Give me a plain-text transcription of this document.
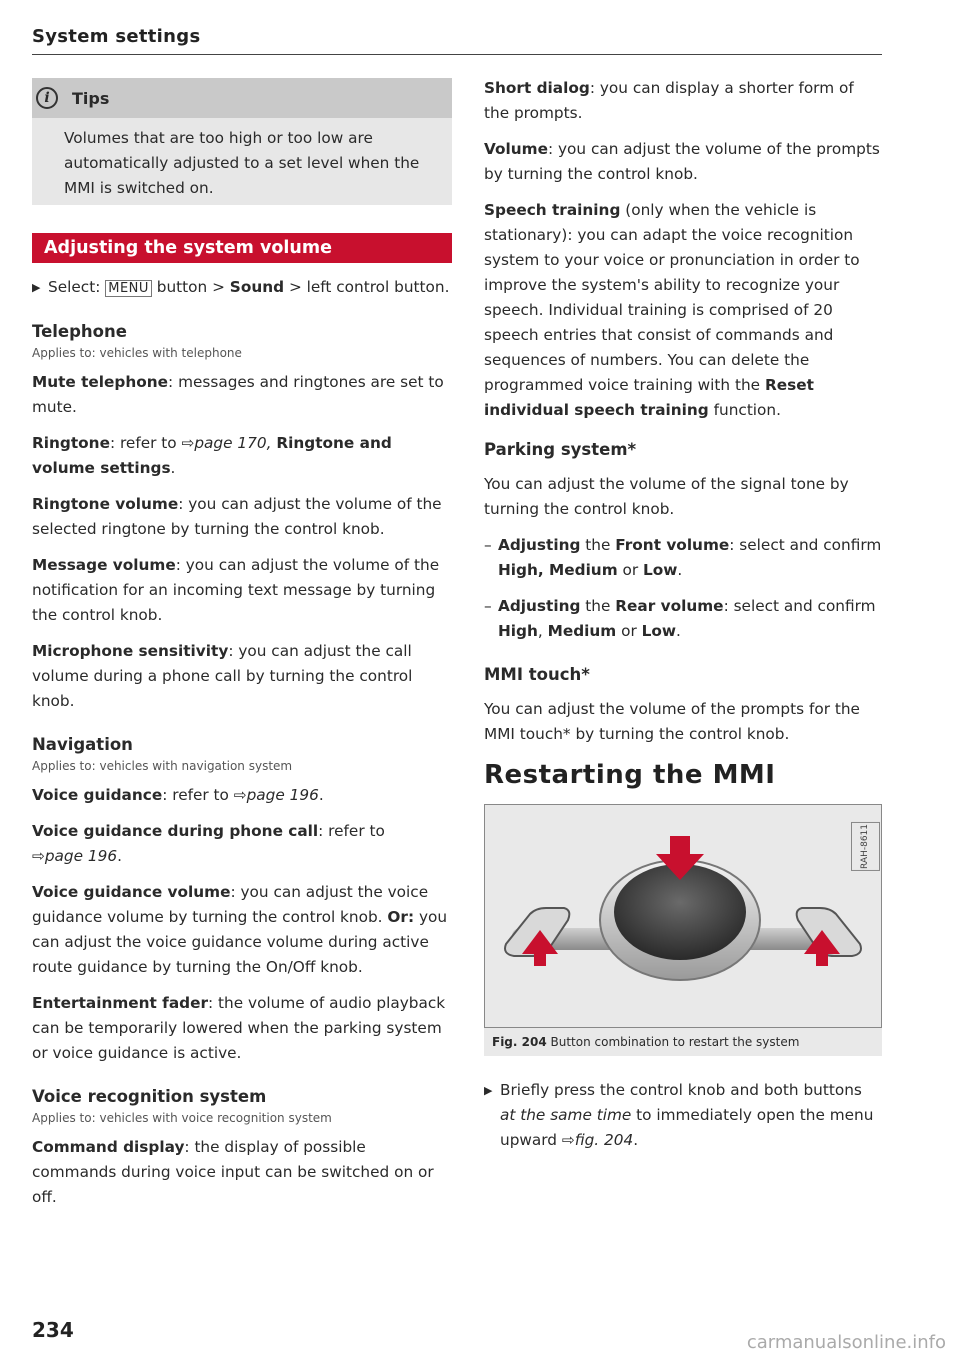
System settings
i	Tips
Volumes that are too high or too low are automatically adjusted to a set level when the MMI is switched on.
Adjusting the system volume
▶ Select: MENU button > Sound > left control button.
Telephone
Applies to: vehicles with telephone

Mute telephone: messages and ringtones are set to mute.

Ringtone: refer to ⇨page 170, Ringtone and volume settings.

Ringtone volume: you can adjust the volume of the selected ringtone by turning the control knob.

Message volume: you can adjust the volume of the notification for an incoming text message by turning the control knob.

Microphone sensitivity: you can adjust the call volume during a phone call by turning the control knob.

Navigation
Applies to: vehicles with navigation system

Voice guidance: refer to ⇨page 196.

Voice guidance during phone call: refer to
⇨page 196.

Voice guidance volume: you can adjust the voice guidance volume by turning the control knob. Or: you can adjust the voice guidance volume during active route guidance by turning the On/Off knob.

Entertainment fader: the volume of audio playback can be temporarily lowered when the parking system or voice guidance is active.

Voice recognition system
Applies to: vehicles with voice recognition system

Command display: the display of possible commands during voice input can be switched on or off.

Short dialog: you can display a shorter form of the prompts.

Volume: you can adjust the volume of the prompts by turning the control knob.

Speech training (only when the vehicle is stationary): you can adapt the voice recognition system to your voice or pronunciation in order to improve the system's ability to recognize your speech. Individual training is comprised of 20 speech entries that consist of commands and sequences of numbers. You can delete the programmed voice training with the Reset individual speech training function.

Parking system*

You can adjust the volume of the signal tone by turning the control knob.

– Adjusting the Front volume: select and confirm High, Medium or Low.
– Adjusting the Rear volume: select and confirm High, Medium or Low.
MMI touch*

You can adjust the volume of the prompts for the MMI touch* by turning the control knob.

Restarting the MMI
RAH-8611
Fig. 204 Button combination to restart the system
▶ Briefly press the control knob and both buttons at the same time to immediately open the menu upward ⇨fig. 204.
234
carmanualsonline.info
